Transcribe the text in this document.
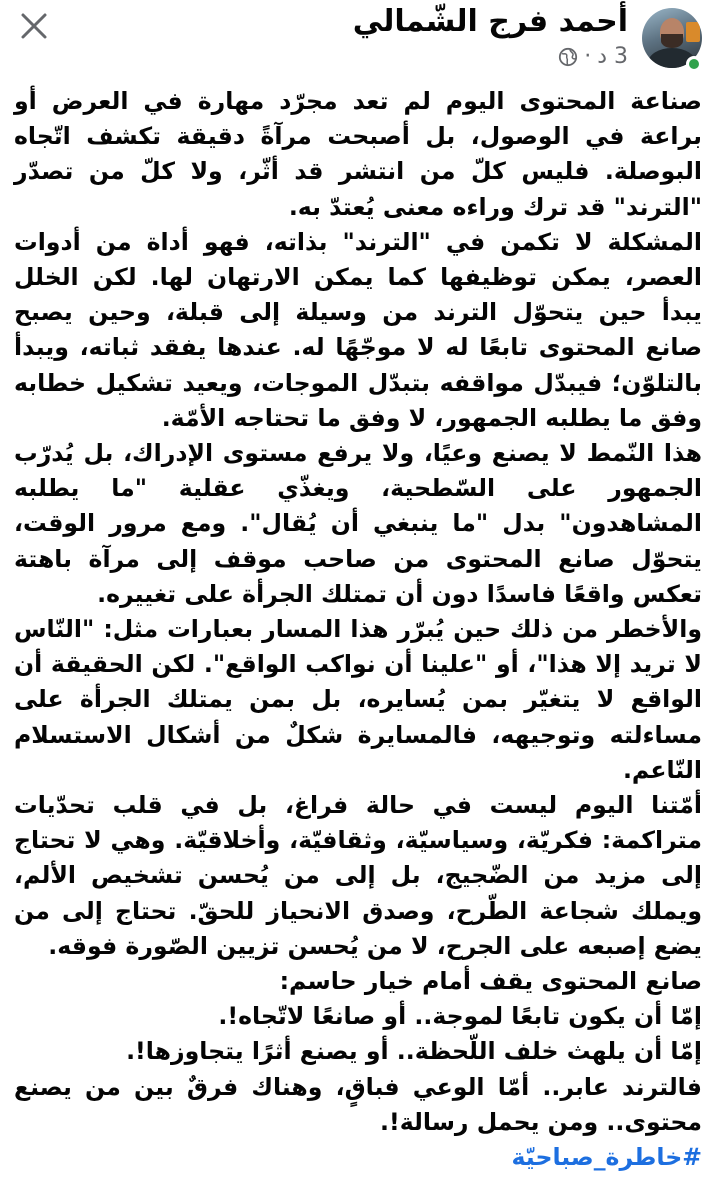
أحمد فرج الشّمالي
3 د
·

صناعة المحتوى اليوم لم تعد مجرّد مهارة في العرض أو براعة في الوصول، بل أصبحت مرآةً دقيقة تكشف اتّجاه البوصلة. فليس كلّ من انتشر قد أثّر، ولا كلّ من تصدّر "الترند" قد ترك وراءه معنى يُعتدّ به.

المشكلة لا تكمن في "الترند" بذاته، فهو أداة من أدوات العصر، يمكن توظيفها كما يمكن الارتهان لها. لكن الخلل يبدأ حين يتحوّل الترند من وسيلة إلى قبلة، وحين يصبح صانع المحتوى تابعًا له لا موجّهًا له. عندها يفقد ثباته، ويبدأ بالتلوّن؛ فيبدّل مواقفه بتبدّل الموجات، ويعيد تشكيل خطابه وفق ما يطلبه الجمهور، لا وفق ما تحتاجه الأمّة.

هذا النّمط لا يصنع وعيًا، ولا يرفع مستوى الإدراك، بل يُدرّب الجمهور على السّطحية، ويغذّي عقلية "ما يطلبه المشاهدون" بدل "ما ينبغي أن يُقال". ومع مرور الوقت، يتحوّل صانع المحتوى من صاحب موقف إلى مرآة باهتة تعكس واقعًا فاسدًا دون أن تمتلك الجرأة على تغييره.

والأخطر من ذلك حين يُبرّر هذا المسار بعبارات مثل: "النّاس لا تريد إلا هذا"، أو "علينا أن نواكب الواقع". لكن الحقيقة أن الواقع لا يتغيّر بمن يُسايره، بل بمن يمتلك الجرأة على مساءلته وتوجيهه، فالمسايرة شكلٌ من أشكال الاستسلام النّاعم.

أمّتنا اليوم ليست في حالة فراغ، بل في قلب تحدّيات متراكمة: فكريّة، وسياسيّة، وثقافيّة، وأخلاقيّة. وهي لا تحتاج إلى مزيد من الضّجيج، بل إلى من يُحسن تشخيص الألم، ويملك شجاعة الطّرح، وصدق الانحياز للحقّ. تحتاج إلى من يضع إصبعه على الجرح، لا من يُحسن تزيين الصّورة فوقه.

صانع المحتوى يقف أمام خيار حاسم:

إمّا أن يكون تابعًا لموجة.. أو صانعًا لاتّجاه!.

إمّا أن يلهث خلف اللّحظة.. أو يصنع أثرًا يتجاوزها!.

فالترند عابر.. أمّا الوعي فباقٍ، وهناك فرقٌ بين من يصنع محتوى.. ومن يحمل رسالة!.

#خاطرة_صباحيّة
